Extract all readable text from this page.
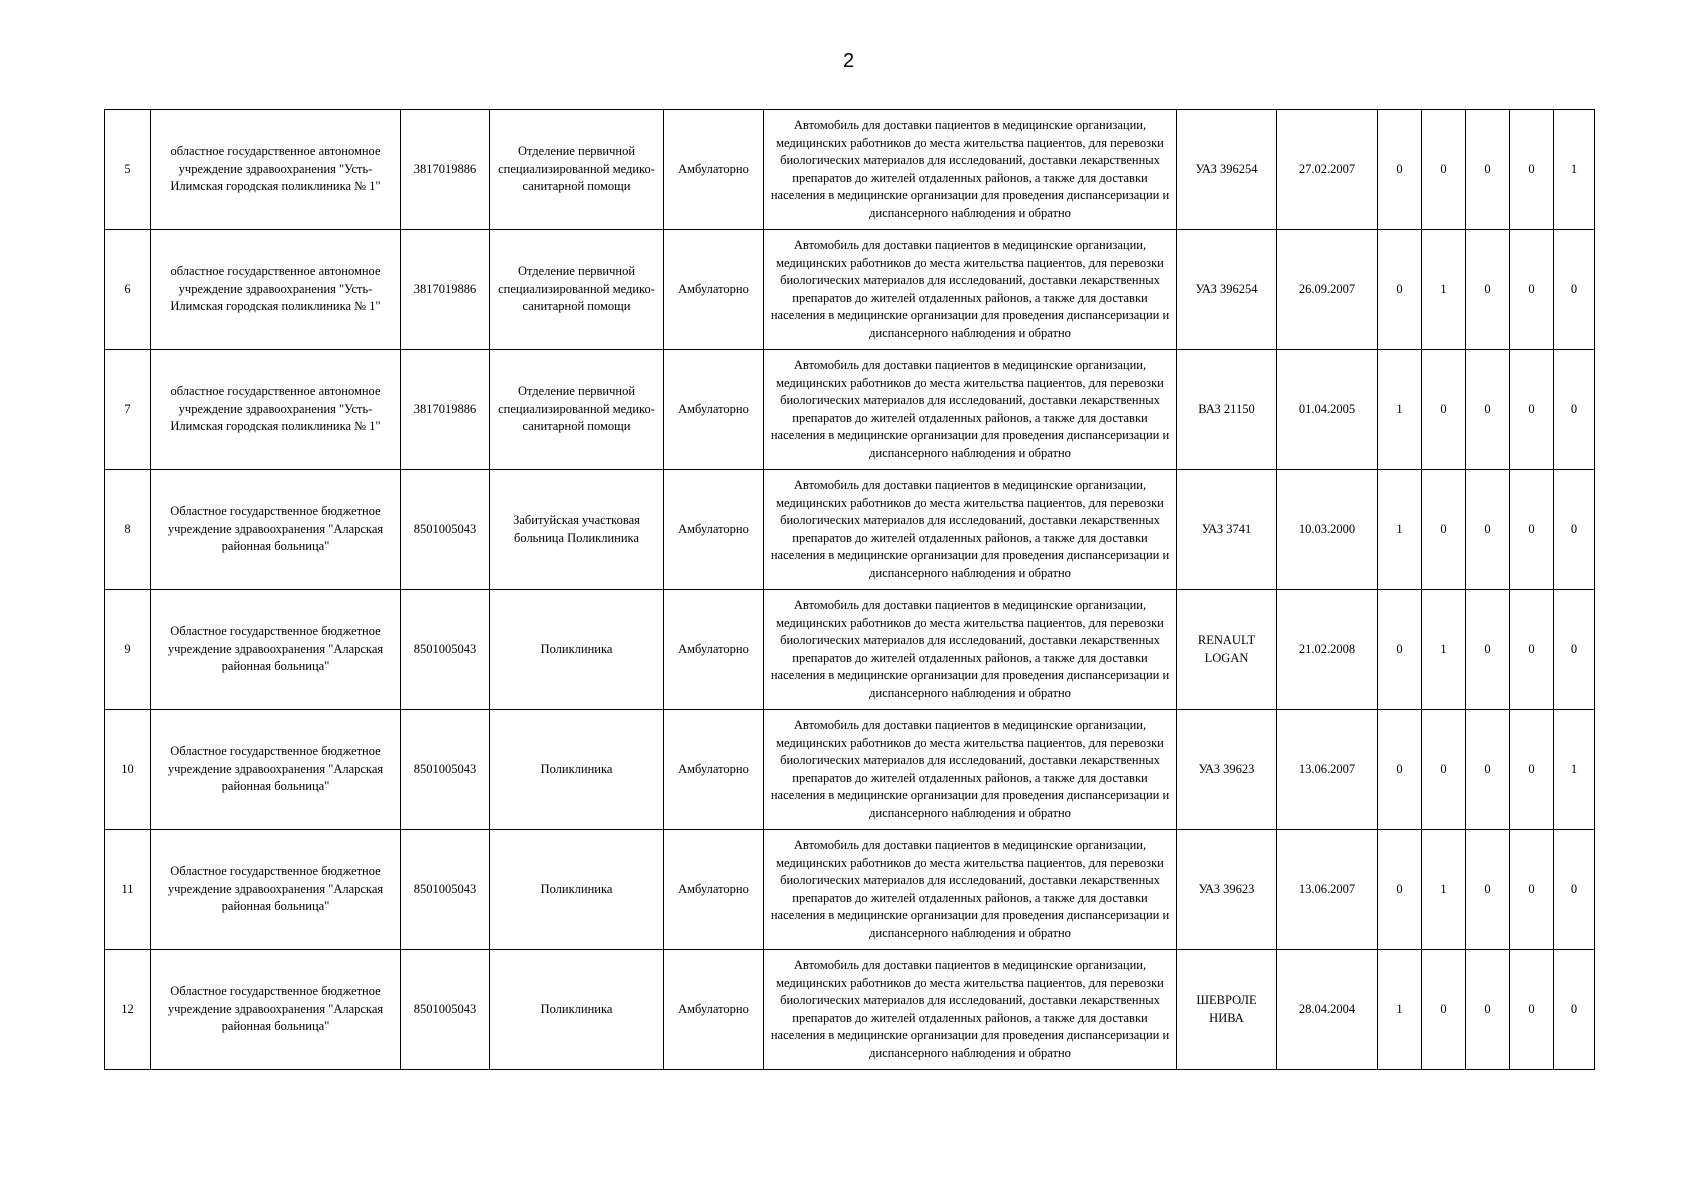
2
5	областное государственное автономное учреждение здравоохранения "Усть-Илимская городская поликлиника № 1"	3817019886	Отделение первичной специализированной медико-санитарной помощи	Амбулаторно	Автомобиль для доставки пациентов в медицинские организации, медицинских работников до места жительства пациентов, для перевозки биологических материалов для исследований, доставки лекарственных препаратов до жителей отдаленных районов, а также для доставки населения в медицинские организации для проведения диспансеризации и диспансерного наблюдения и обратно	УАЗ 396254	27.02.2007	0	0	0	0	1
6	областное государственное автономное учреждение здравоохранения "Усть-Илимская городская поликлиника № 1"	3817019886	Отделение первичной специализированной медико-санитарной помощи	Амбулаторно	Автомобиль для доставки пациентов в медицинские организации, медицинских работников до места жительства пациентов, для перевозки биологических материалов для исследований, доставки лекарственных препаратов до жителей отдаленных районов, а также для доставки населения в медицинские организации для проведения диспансеризации и диспансерного наблюдения и обратно	УАЗ 396254	26.09.2007	0	1	0	0	0
7	областное государственное автономное учреждение здравоохранения "Усть-Илимская городская поликлиника № 1"	3817019886	Отделение первичной специализированной медико-санитарной помощи	Амбулаторно	Автомобиль для доставки пациентов в медицинские организации, медицинских работников до места жительства пациентов, для перевозки биологических материалов для исследований, доставки лекарственных препаратов до жителей отдаленных районов, а также для доставки населения в медицинские организации для проведения диспансеризации и диспансерного наблюдения и обратно	ВАЗ 21150	01.04.2005	1	0	0	0	0
8	Областное государственное бюджетное учреждение здравоохранения "Аларская районная больница"	8501005043	Забитуйская участковая больница Поликлиника	Амбулаторно	Автомобиль для доставки пациентов в медицинские организации, медицинских работников до места жительства пациентов, для перевозки биологических материалов для исследований, доставки лекарственных препаратов до жителей отдаленных районов, а также для доставки населения в медицинские организации для проведения диспансеризации и диспансерного наблюдения и обратно	УАЗ 3741	10.03.2000	1	0	0	0	0
9	Областное государственное бюджетное учреждение здравоохранения "Аларская районная больница"	8501005043	Поликлиника	Амбулаторно	Автомобиль для доставки пациентов в медицинские организации, медицинских работников до места жительства пациентов, для перевозки биологических материалов для исследований, доставки лекарственных препаратов до жителей отдаленных районов, а также для доставки населения в медицинские организации для проведения диспансеризации и диспансерного наблюдения и обратно	RENAULT LOGAN	21.02.2008	0	1	0	0	0
10	Областное государственное бюджетное учреждение здравоохранения "Аларская районная больница"	8501005043	Поликлиника	Амбулаторно	Автомобиль для доставки пациентов в медицинские организации, медицинских работников до места жительства пациентов, для перевозки биологических материалов для исследований, доставки лекарственных препаратов до жителей отдаленных районов, а также для доставки населения в медицинские организации для проведения диспансеризации и диспансерного наблюдения и обратно	УАЗ 39623	13.06.2007	0	0	0	0	1
11	Областное государственное бюджетное учреждение здравоохранения "Аларская районная больница"	8501005043	Поликлиника	Амбулаторно	Автомобиль для доставки пациентов в медицинские организации, медицинских работников до места жительства пациентов, для перевозки биологических материалов для исследований, доставки лекарственных препаратов до жителей отдаленных районов, а также для доставки населения в медицинские организации для проведения диспансеризации и диспансерного наблюдения и обратно	УАЗ 39623	13.06.2007	0	1	0	0	0
12	Областное государственное бюджетное учреждение здравоохранения "Аларская районная больница"	8501005043	Поликлиника	Амбулаторно	Автомобиль для доставки пациентов в медицинские организации, медицинских работников до места жительства пациентов, для перевозки биологических материалов для исследований, доставки лекарственных препаратов до жителей отдаленных районов, а также для доставки населения в медицинские организации для проведения диспансеризации и диспансерного наблюдения и обратно	ШЕВРОЛЕ НИВА	28.04.2004	1	0	0	0	0
